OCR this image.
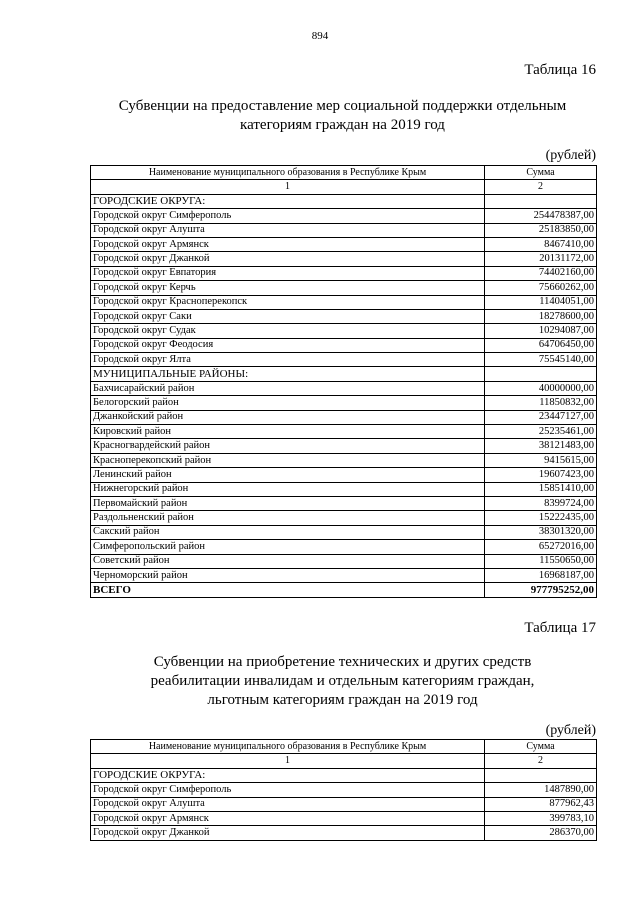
894
Таблица 16
Субвенции на предоставление мер социальной поддержки отдельным
категориям граждан на 2019 год
(рублей)
Наименование муниципального образования в Республике Крым	Сумма
1	2
ГОРОДСКИЕ ОКРУГА:	
Городской округ Симферополь	254478387,00
Городской округ Алушта	25183850,00
Городской округ Армянск	8467410,00
Городской округ Джанкой	20131172,00
Городской округ Евпатория	74402160,00
Городской округ Керчь	75660262,00
Городской округ Красноперекопск	11404051,00
Городской округ Саки	18278600,00
Городской округ Судак	10294087,00
Городской округ Феодосия	64706450,00
Городской округ Ялта	75545140,00
МУНИЦИПАЛЬНЫЕ РАЙОНЫ:	
Бахчисарайский район	40000000,00
Белогорский район	11850832,00
Джанкойский район	23447127,00
Кировский район	25235461,00
Красногвардейский район	38121483,00
Красноперекопский район	9415615,00
Ленинский район	19607423,00
Нижнегорский район	15851410,00
Первомайский район	8399724,00
Раздольненский район	15222435,00
Сакский район	38301320,00
Симферопольский район	65272016,00
Советский район	11550650,00
Черноморский район	16968187,00
ВСЕГО	977795252,00
Таблица 17
Субвенции на приобретение технических и других средств
реабилитации инвалидам и отдельным категориям граждан,
льготным категориям граждан на 2019 год
(рублей)
Наименование муниципального образования в Республике Крым	Сумма
1	2
ГОРОДСКИЕ ОКРУГА:	
Городской округ Симферополь	1487890,00
Городской округ Алушта	877962,43
Городской округ Армянск	399783,10
Городской округ Джанкой	286370,00
